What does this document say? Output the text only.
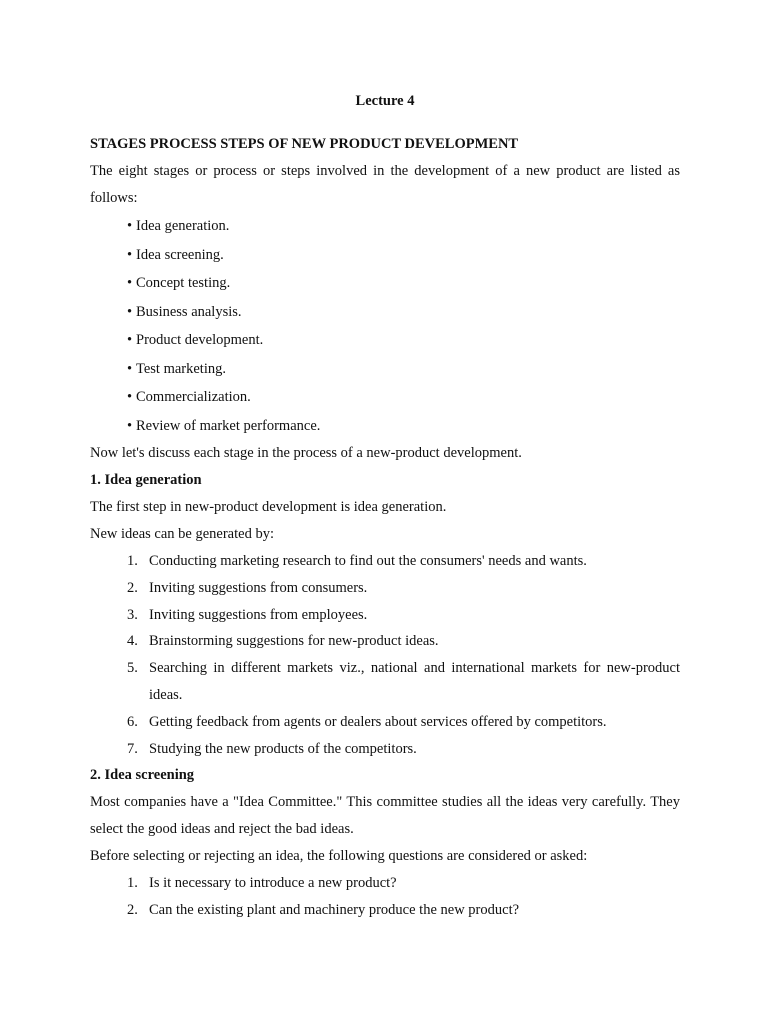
Lecture 4
STAGES PROCESS STEPS OF NEW PRODUCT DEVELOPMENT
The eight stages or process or steps involved in the development of a new product are listed as follows:
• Idea generation.
• Idea screening.
• Concept testing.
• Business analysis.
• Product development.
• Test marketing.
• Commercialization.
• Review of market performance.
Now let's discuss each stage in the process of a new-product development.
1. Idea generation
The first step in new-product development is idea generation.
New ideas can be generated by:
1. Conducting marketing research to find out the consumers' needs and wants.
2. Inviting suggestions from consumers.
3. Inviting suggestions from employees.
4. Brainstorming suggestions for new-product ideas.
5. Searching in different markets viz., national and international markets for new-product ideas.
6. Getting feedback from agents or dealers about services offered by competitors.
7. Studying the new products of the competitors.
2. Idea screening
Most companies have a "Idea Committee." This committee studies all the ideas very carefully. They select the good ideas and reject the bad ideas.
Before selecting or rejecting an idea, the following questions are considered or asked:
1. Is it necessary to introduce a new product?
2. Can the existing plant and machinery produce the new product?
